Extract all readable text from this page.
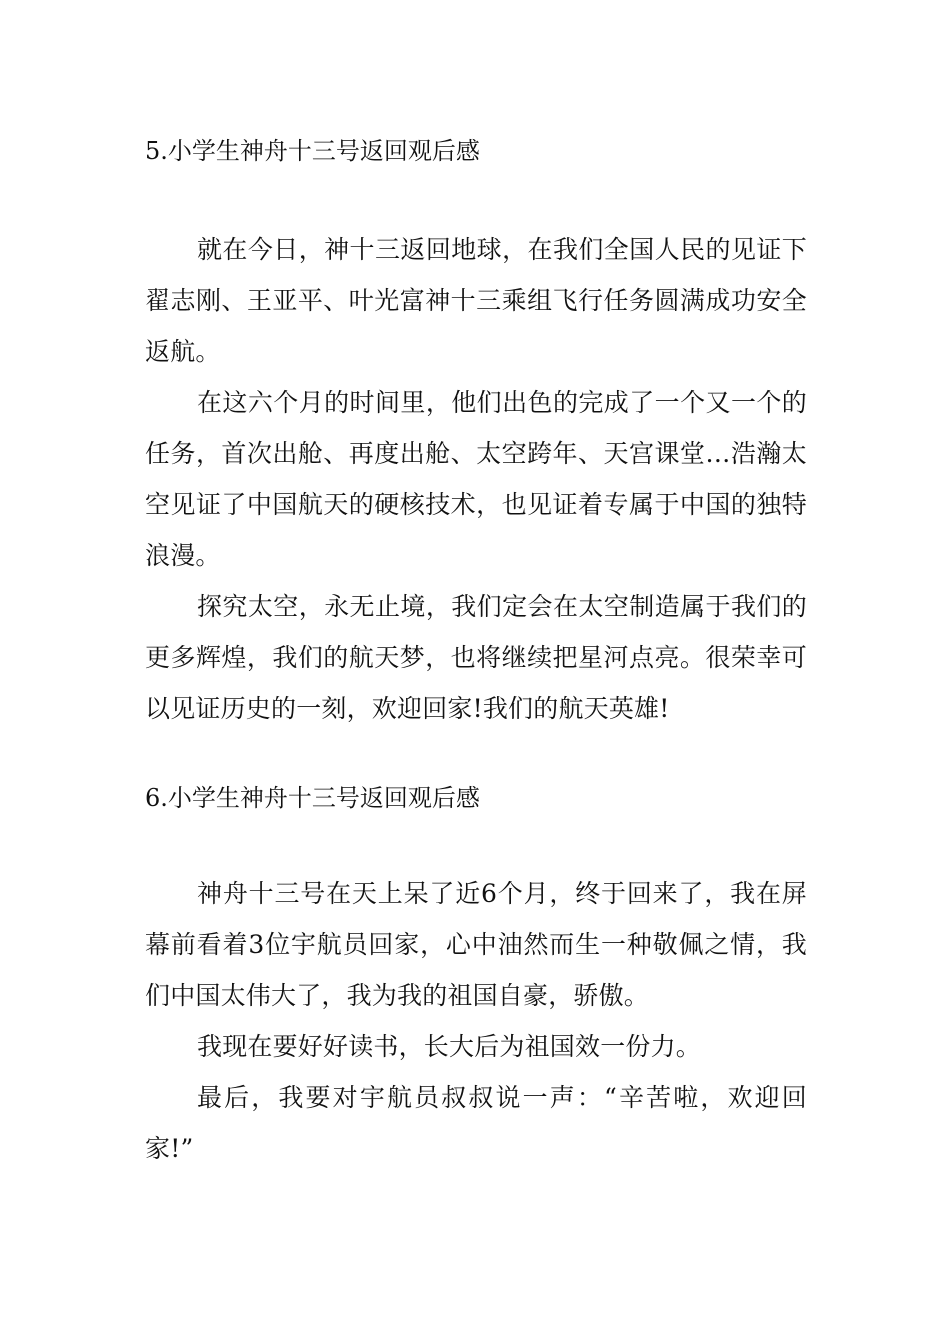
5.小学生神舟十三号返回观后感

就在今日，神十三返回地球，在我们全国人民的见证下翟志刚、王亚平、叶光富神十三乘组飞行任务圆满成功安全返航。

在这六个月的时间里，他们出色的完成了一个又一个的任务，首次出舱、再度出舱、太空跨年、天宫课堂…浩瀚太空见证了中国航天的硬核技术，也见证着专属于中国的独特浪漫。

探究太空，永无止境，我们定会在太空制造属于我们的更多辉煌，我们的航天梦，也将继续把星河点亮。很荣幸可以见证历史的一刻，欢迎回家!我们的航天英雄!

6.小学生神舟十三号返回观后感

神舟十三号在天上呆了近6个月，终于回来了，我在屏幕前看着3位宇航员回家，心中油然而生一种敬佩之情，我们中国太伟大了，我为我的祖国自豪，骄傲。

我现在要好好读书，长大后为祖国效一份力。

最后，我要对宇航员叔叔说一声：“辛苦啦，欢迎回家!”
